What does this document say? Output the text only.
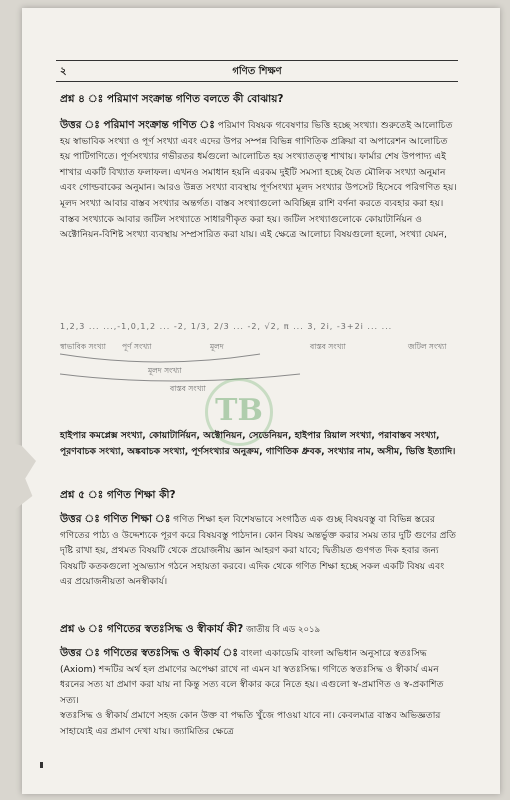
২	গণিত শিক্ষণ
প্রশ্ন ৪ ঃ পরিমাণ সংক্রান্ত গণিত বলতে কী বোঝায়?
উত্তর ঃ পরিমাণ সংক্রান্ত গণিত ঃ পরিমাণ বিষয়ক গবেষণার ভিত্তি হচ্ছে সংখ্যা। শুরুতেই আলোচিত হয় স্বাভাবিক সংখ্যা ও পূর্ণ সংখ্যা এবং এদের উপর সম্পন্ন বিভিন্ন গাণিতিক প্রক্রিয়া বা অপারেশন আলোচিত হয় পাটিগণিতে। পূর্ণসংখ্যার গভীরতর ধর্মগুলো আলোচিত হয় সংখ্যাতত্ত্ব শাখায়। ফার্মার শেষ উপপাদ্য এই শাখার একটি বিখ্যাত ফলাফল। এখনও সমাধান হয়নি এরকম দুইটি সমস্যা হচ্ছে যৈত মৌলিক সংখ্যা অনুমান এবং গোল্ডবাকের অনুমান। আরও উন্নত সংখ্যা ব্যবস্থায় পূর্ণসংখ্যা মূলদ সংখ্যার উপসেট হিসেবে পরিগণিত হয়। মূলদ সংখ্যা আবার বাস্তব সংখ্যার অন্তর্গত। বাস্তব সংখ্যাগুলো অবিচ্ছিন্ন রাশি বর্ণনা করতে ব্যবহার করা হয়। বাস্তব সংখ্যাকে আবার জটিল সংখ্যাতে সাধারণীকৃত করা হয়। জটিল সংখ্যাগুলোকে কোয়াটার্নিয়ন ও অক্টোনিয়ন-বিশিষ্ট সংখ্যা ব্যবস্থায় সম্প্রসারিত করা যায়। এই ক্ষেত্রে আলোচ্য বিষয়গুলো হলো, সংখ্যা যেমন,
1,2,3 ... ...,-1,0,1,2 ... -2, 1/3, 2/3 ... -2, √2, π ... 3, 2i, -3+2i ... ...
স্বাভাবিক সংখ্যা পূর্ণ সংখ্যা	মূলদ	বাস্তব সংখ্যা	জটিল সংখ্যা
মূলদ সংখ্যা
বাস্তব সংখ্যা
TB
হাইপার কমপ্লেক্স সংখ্যা, কোয়াটার্নিয়ন, অক্টোনিয়ন, সেডেনিয়ন, হাইপার রিয়াল সংখ্যা, পরাবাস্তব সংখ্যা, পূরণবাচক সংখ্যা, অঙ্কবাচক সংখ্যা, পূর্ণসংখ্যার অনুক্রম, গাণিতিক ধ্রুবক, সংখ্যার নাম, অসীম, ভিত্তি ইত্যাদি।
প্রশ্ন ৫ ঃ গণিত শিক্ষা কী?
উত্তর ঃ গণিত শিক্ষা ঃ গণিত শিক্ষা হল বিশেষভাবে সংগঠিত এক গুচ্ছ বিষয়বস্তু বা বিভিন্ন স্তরের গণিতের পাঠ্য ও উদ্দেশ্যকে পূরণ করে বিষয়বস্তু পাঠদান। কোন বিষয় অন্তর্ভুক্ত করার সময় তার দুটি গুণের প্রতি দৃষ্টি রাখা হয়, প্রথমত বিষয়টি থেকে প্রয়োজনীয় জ্ঞান আহরণ করা যাবে; দ্বিতীয়ত গুণগত দিক হবার জন্য বিষয়টি কতকগুলো সুঅভ্যাস গঠনে সহায়তা করবে। এদিক থেকে গণিত শিক্ষা হচ্ছে সকল একটি বিষয় এবং এর প্রয়োজনীয়তা অনস্বীকার্য।
প্রশ্ন ৬ ঃ গণিতের স্বতঃসিদ্ধ ও স্বীকার্য কী? জাতীয় বি এড ২০১৯
উত্তর ঃ গণিতের স্বতঃসিদ্ধ ও স্বীকার্য ঃ বাংলা একাডেমি বাংলা অভিধান অনুসারে স্বতঃসিদ্ধ (Axiom) শব্দটির অর্থ হল প্রমাণের অপেক্ষা রাখে না এমন যা স্বতঃসিদ্ধ। গণিতে স্বতঃসিদ্ধ ও স্বীকার্য এমন ধরনের সত্য যা প্রমাণ করা যায় না কিন্তু সত্য বলে স্বীকার করে নিতে হয়। এগুলো স্ব-প্রমাণিত ও স্ব-প্রকাশিত সত্য।
স্বতঃসিদ্ধ ও স্বীকার্য প্রমাণে সহজ কোন উক্ত বা পদ্ধতি খুঁজে পাওয়া যাবে না। কেবলমাত্র বাস্তব অভিজ্ঞতার সাহায্যেই এর প্রমাণ দেখা যায়। জ্যামিতির ক্ষেত্রে
